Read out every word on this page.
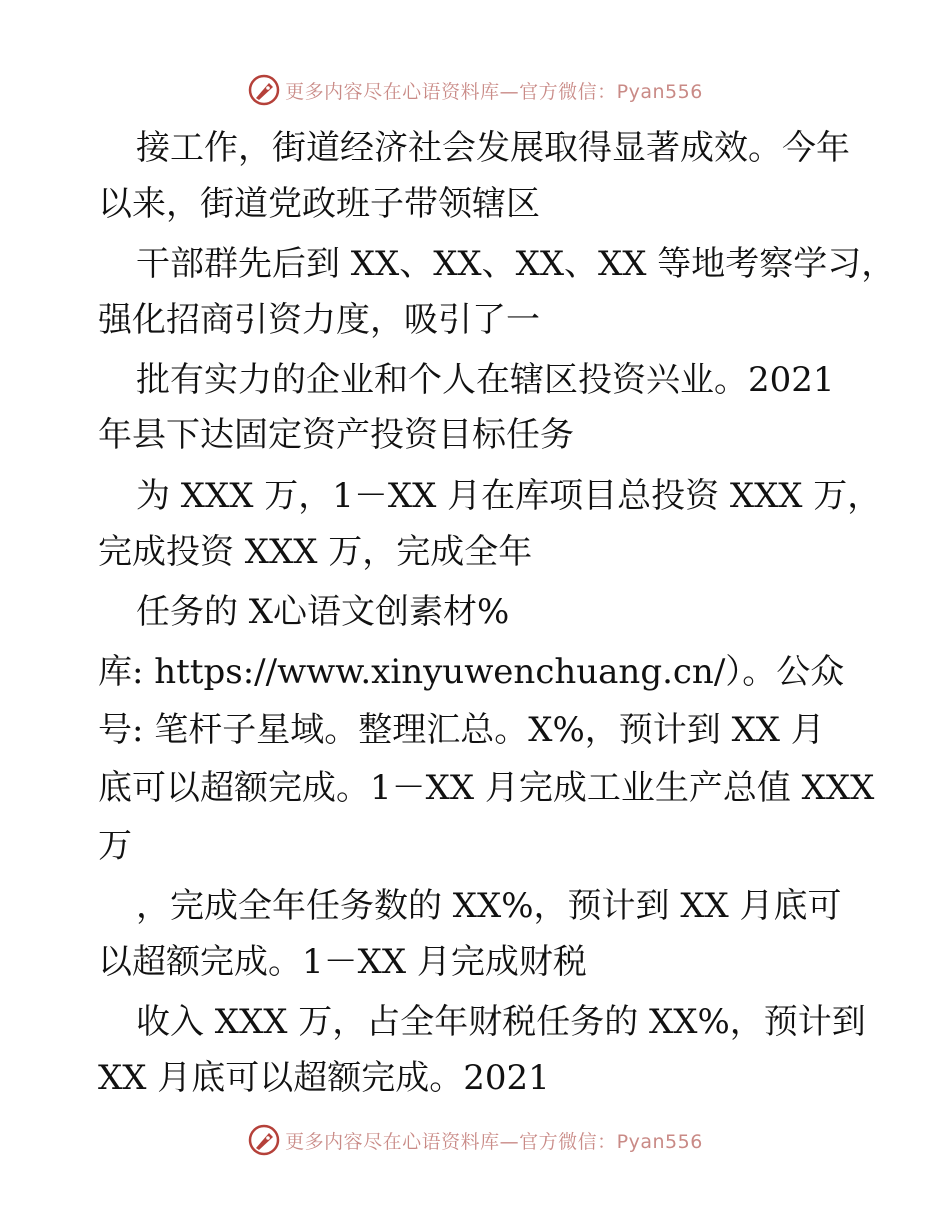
更多内容尽在心语资料库—官方微信：Pyan556
接工作，街道经济社会发展取得显著成效。今年
以来，街道党政班子带领辖区
干部群先后到 XX、XX、XX、XX 等地考察学习，
强化招商引资力度，吸引了一
批有实力的企业和个人在辖区投资兴业。2021
年县下达固定资产投资目标任务
为 XXX 万，1－XX 月在库项目总投资 XXX 万，
完成投资 XXX 万，完成全年
任务的 X心语文创素材%
库: https://www.xinyuwenchuang.cn/）。公众
号: 笔杆子星域。整理汇总。X%，预计到 XX 月
底可以超额完成。1－XX 月完成工业生产总值 XXX
万
，完成全年任务数的 XX%，预计到 XX 月底可
以超额完成。1－XX 月完成财税
收入 XXX 万，占全年财税任务的 XX%，预计到
XX 月底可以超额完成。2021
更多内容尽在心语资料库—官方微信：Pyan556
